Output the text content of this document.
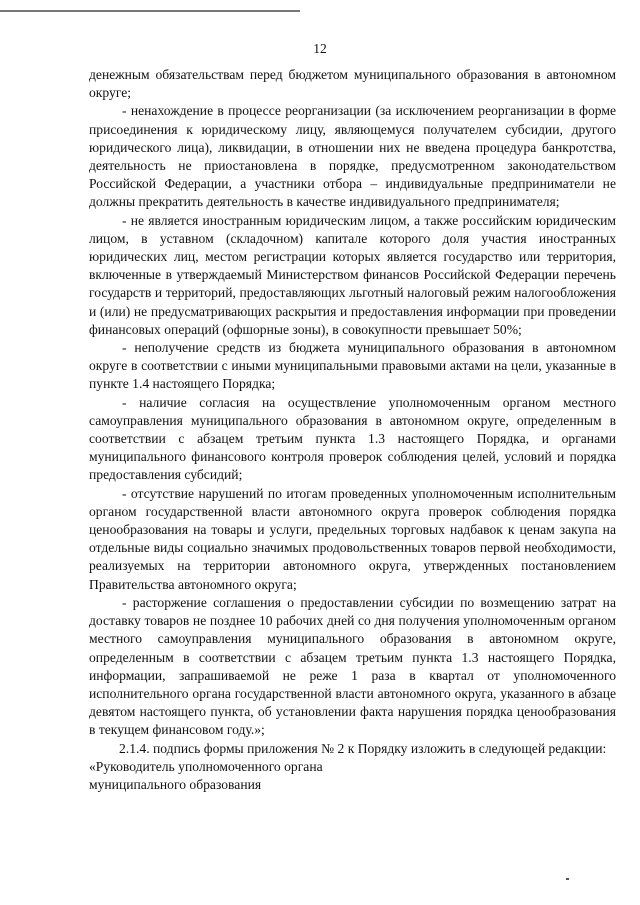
12

денежным обязательствам перед бюджетом муниципального образования в автономном округе;

- ненахождение в процессе реорганизации (за исключением реорганизации в форме присоединения к юридическому лицу, являющемуся получателем субсидии, другого юридического лица), ликвидации, в отношении них не введена процедура банкротства, деятельность не приостановлена в порядке, предусмотренном законодательством Российской Федерации, а участники отбора – индивидуальные предприниматели не должны прекратить деятельность в качестве индивидуального предпринимателя;

- не является иностранным юридическим лицом, а также российским юридическим лицом, в уставном (складочном) капитале которого доля участия иностранных юридических лиц, местом регистрации которых является государство или территория, включенные в утверждаемый Министерством финансов Российской Федерации перечень государств и территорий, предоставляющих льготный налоговый режим налогообложения и (или) не предусматривающих раскрытия и предоставления информации при проведении финансовых операций (офшорные зоны), в совокупности превышает 50%;

- неполучение средств из бюджета муниципального образования в автономном округе в соответствии с иными муниципальными правовыми актами на цели, указанные в пункте 1.4 настоящего Порядка;

- наличие согласия на осуществление уполномоченным органом местного самоуправления муниципального образования в автономном округе, определенным в соответствии с абзацем третьим пункта 1.3 настоящего Порядка, и органами муниципального финансового контроля проверок соблюдения целей, условий и порядка предоставления субсидий;

- отсутствие нарушений по итогам проведенных уполномоченным исполнительным органом государственной власти автономного округа проверок соблюдения порядка ценообразования на товары и услуги, предельных торговых надбавок к ценам закупа на отдельные виды социально значимых продовольственных товаров первой необходимости, реализуемых на территории автономного округа, утвержденных постановлением Правительства автономного округа;

- расторжение соглашения о предоставлении субсидии по возмещению затрат на доставку товаров не позднее 10 рабочих дней со дня получения уполномоченным органом местного самоуправления муниципального образования в автономном округе, определенным в соответствии с абзацем третьим пункта 1.3 настоящего Порядка, информации, запрашиваемой не реже 1 раза в квартал от уполномоченного исполнительного органа государственной власти автономного округа, указанного в абзаце девятом настоящего пункта, об установлении факта нарушения порядка ценообразования в текущем финансовом году.»;

2.1.4. подпись формы приложения № 2 к Порядку изложить в следующей редакции:

«Руководитель уполномоченного органа

муниципального образования
